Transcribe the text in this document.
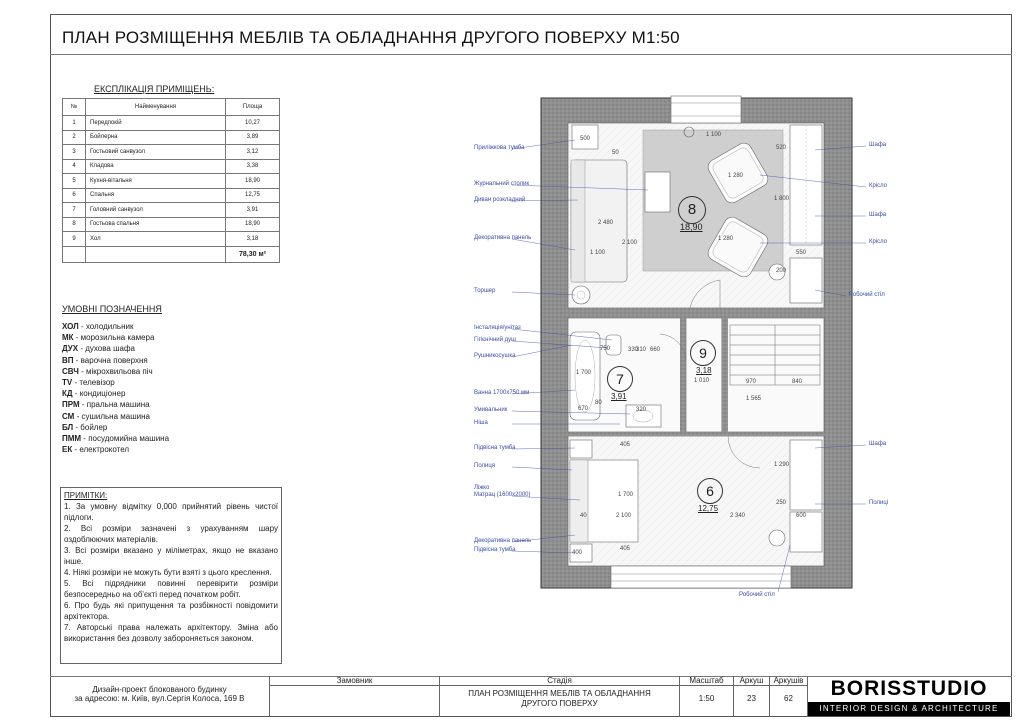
ПЛАН РОЗМІЩЕННЯ МЕБЛІВ ТА ОБЛАДНАННЯ ДРУГОГО ПОВЕРХУ М1:50
ЕКСПЛІКАЦІЯ ПРИМІЩЕНЬ:
№	Найменування	Площа
1	Передпокій	10,27
2	Бойлерна	3,89
3	Гостьовий санвузол	3,12
4	Кладова	3,38
5	Кухня-вітальня	18,90
6	Спальня	12,75
7	Головний санвузол	3,91
8	Гостьова спальня	18,90
9	Хол	3,18
		78,30 м²
УМОВНІ ПОЗНАЧЕННЯ
ХОЛ - холодильник
МК - морозильна камера
ДУХ - духова шафа
ВП - варочна поверхня
СВЧ - мікрохвильова піч
TV - телевізор
КД - кондиціонер
ПРМ - пральна машина
СМ - сушильна машина
БЛ - бойлер
ПММ - посудомийна машина
ЕК - електрокотел
ПРИМІТКИ:
1. За умовну відмітку 0,000 прийнятий рівень чистої підлоги.
2. Всі розміри зазначені з урахуванням шару оздоблюючих матеріалів.
3. Всі розміри вказано у міліметрах, якщо не вказано інше.
4. Ніякі розміри не можуть бути взяті з цього креслення.
5. Всі підрядники повинні перевірити розміри безпосередньо на об'єкті перед початком робіт.
6. Про будь які припущення та розбіжності повідомити архітектора.
7. Авторські права належать архітектору. Зміна або використання без дозволу забороняється законом.
8
18,90
9
3,18
7
3,91
6
12,75
500
50
1 100
520
1 800
2 480
2 100
1 280
1 280
550
200
1 100
310
330 660
750
1 700
670
80
320
1 010	970	840
1 565
405
1 700
2 100	2 340
40
400
405
600
250
1 290
Приліжкова тумба
Журнальний столик
Диван розкладний
Декоративна панель
Торшер
Інсталяція/унітаз
Гігієнічний душ
Рушникосушка
Ванна 1700x750 мм
Умивальник
Ніша
Підвісна тумба
Полиця
Ліжко
Матрац (1600x2000)
Декоративна панель
Підвісна тумба
Шафа
Крісло
Шафа
Крісло
Робочий стіл
Шафа
Полиці
Робочий стіл
Дизайн-проект блокованого будинку
за адресою: м. Київ, вул.Сергія Колоса, 169 В
Замовник	Стадія
ПЛАН РОЗМІЩЕННЯ МЕБЛІВ ТА ОБЛАДНАННЯ
ДРУГОГО ПОВЕРХУ
Масштаб
1:50
Аркуш
23
Аркушів
62	BORISSTUDIO
INTERIOR DESIGN & ARCHITECTURE
